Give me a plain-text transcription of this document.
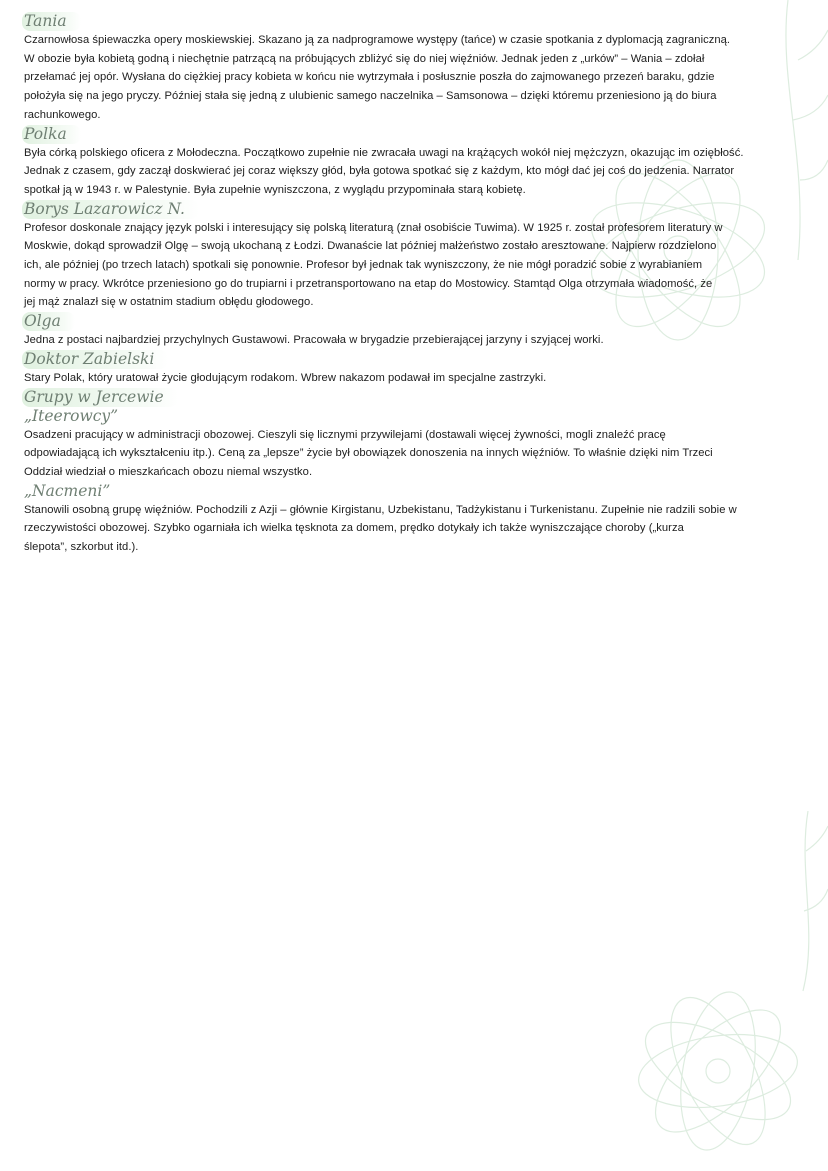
Tania
Czarnowłosa śpiewaczka opery moskiewskiej. Skazano ją za nadprogramowe występy (tańce) w czasie spotkania z dyplomacją zagraniczną.
W obozie była kobietą godną i niechętnie patrzącą na próbujących zbliżyć się do niej więźniów. Jednak jeden z „urków” – Wania – zdołał
przełamać jej opór. Wysłana do ciężkiej pracy kobieta w końcu nie wytrzymała i posłusznie poszła do zajmowanego przezeń baraku, gdzie
położyła się na jego pryczy. Później stała się jedną z ulubienic samego naczelnika – Samsonowa – dzięki któremu przeniesiono ją do biura
rachunkowego.
Polka
Była córką polskiego oficera z Mołodeczna. Początkowo zupełnie nie zwracała uwagi na krążących wokół niej mężczyzn, okazując im oziębłość.
Jednak z czasem, gdy zaczął doskwierać jej coraz większy głód, była gotowa spotkać się z każdym, kto mógł dać jej coś do jedzenia. Narrator
spotkał ją w 1943 r. w Palestynie. Była zupełnie wyniszczona, z wyglądu przypominała starą kobietę.
Borys Lazarowicz N.
Profesor doskonale znający język polski i interesujący się polską literaturą (znał osobiście Tuwima). W 1925 r. został profesorem literatury w
Moskwie, dokąd sprowadził Olgę – swoją ukochaną z Łodzi. Dwanaście lat później małżeństwo zostało aresztowane. Najpierw rozdzielono
ich, ale później (po trzech latach) spotkali się ponownie. Profesor był jednak tak wyniszczony, że nie mógł poradzić sobie z wyrabianiem
normy w pracy. Wkrótce przeniesiono go do trupiarni i przetransportowano na etap do Mostowicy. Stamtąd Olga otrzymała wiadomość, że
jej mąż znalazł się w ostatnim stadium obłędu głodowego.
Olga
Jedna z postaci najbardziej przychylnych Gustawowi. Pracowała w brygadzie przebierającej jarzyny i szyjącej worki.
Doktor Zabielski
Stary Polak, który uratował życie głodującym rodakom. Wbrew nakazom podawał im specjalne zastrzyki.
Grupy w Jercewie
„Iteerowcy”
Osadzeni pracujący w administracji obozowej. Cieszyli się licznymi przywilejami (dostawali więcej żywności, mogli znaleźć pracę
odpowiadającą ich wykształceniu itp.). Ceną za „lepsze” życie był obowiązek donoszenia na innych więźniów. To właśnie dzięki nim Trzeci
Oddział wiedział o mieszkańcach obozu niemal wszystko.
„Nacmeni”
Stanowili osobną grupę więźniów. Pochodzili z Azji – głównie Kirgistanu, Uzbekistanu, Tadżykistanu i Turkenistanu. Zupełnie nie radzili sobie w
rzeczywistości obozowej. Szybko ogarniała ich wielka tęsknota za domem, prędko dotykały ich także wyniszczające choroby („kurza
ślepota”, szkorbut itd.).
